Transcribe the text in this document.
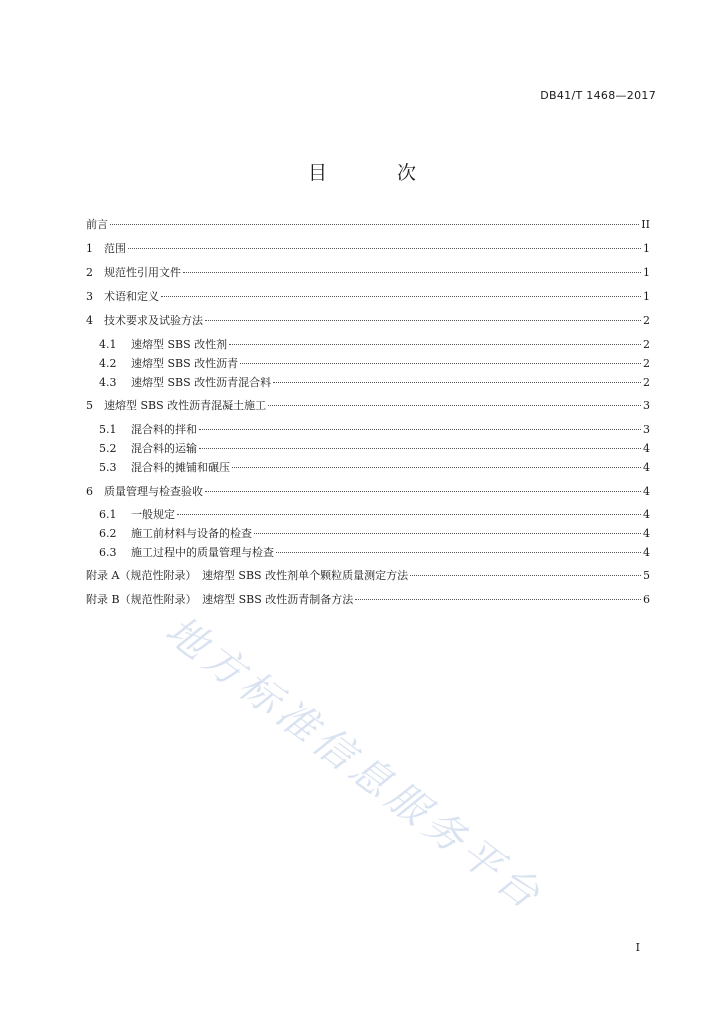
DB41/T 1468—2017
目 次
前言	II
1	范围	1
2	规范性引用文件	1
3	术语和定义	1
4	技术要求及试验方法	2
4.1	速熔型 SBS 改性剂	2
4.2	速熔型 SBS 改性沥青	2
4.3	速熔型 SBS 改性沥青混合料	2
5	速熔型 SBS 改性沥青混凝土施工	3
5.1	混合料的拌和	3
5.2	混合料的运输	4
5.3	混合料的摊铺和碾压	4
6	质量管理与检查验收	4
6.1	一般规定	4
6.2	施工前材料与设备的检查	4
6.3	施工过程中的质量管理与检查	4
附录 A（规范性附录）　速熔型 SBS 改性剂单个颗粒质量测定方法	5
附录 B（规范性附录）　速熔型 SBS 改性沥青制备方法	6
地方标准信息服务平台
I
